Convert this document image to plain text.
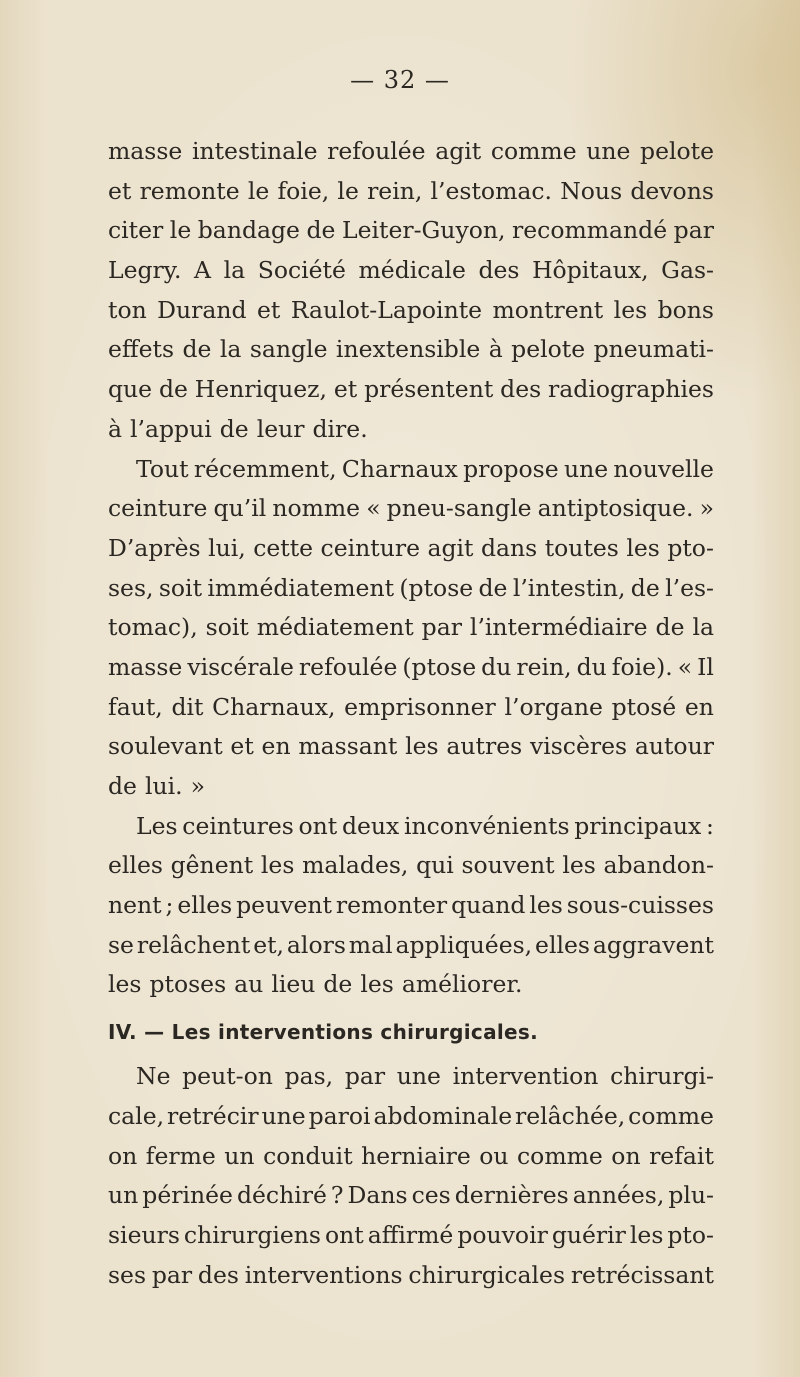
— 32 —
masse intestinale refoulée agit comme une pelote
et remonte le foie, le rein, l’estomac. Nous devons
citer le bandage de Leiter-Guyon, recommandé par
Legry. A la Société médicale des Hôpitaux, Gas-
ton Durand et Raulot-Lapointe montrent les bons
effets de la sangle inextensible à pelote pneumati-
que de Henriquez, et présentent des radiographies
à l’appui de leur dire.
Tout récemment, Charnaux propose une nouvelle
ceinture qu’il nomme « pneu-sangle antiptosique. »
D’après lui, cette ceinture agit dans toutes les pto-
ses, soit immédiatement (ptose de l’intestin, de l’es-
tomac), soit médiatement par l’intermédiaire de la
masse viscérale refoulée (ptose du rein, du foie). « Il
faut, dit Charnaux, emprisonner l’organe ptosé en
soulevant et en massant les autres viscères autour
de lui. »
Les ceintures ont deux inconvénients principaux :
elles gênent les malades, qui souvent les abandon-
nent ; elles peuvent remonter quand les sous-cuisses
se relâchent et, alors mal appliquées, elles aggravent
les ptoses au lieu de les améliorer.
IV. — Les interventions chirurgicales.
Ne peut-on pas, par une intervention chirurgi-
cale, retrécir une paroi abdominale relâchée, comme
on ferme un conduit herniaire ou comme on refait
un périnée déchiré ? Dans ces dernières années, plu-
sieurs chirurgiens ont affirmé pouvoir guérir les pto-
ses par des interventions chirurgicales retrécissant
